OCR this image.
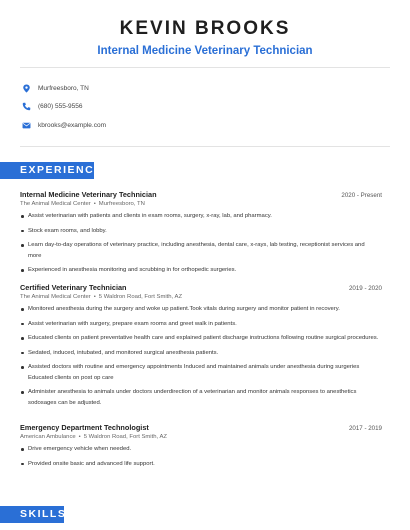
KEVIN BROOKS
Internal Medicine Veterinary Technician
Murfreesboro, TN
(680) 555-9556
kbrooks@example.com
EXPERIENCE
Internal Medicine Veterinary Technician	2020 - Present
The Animal Medical Center • Murfreesboro, TN
Assist veterinarian with patients and clients in exam rooms, surgery, x-ray, lab, and pharmacy.
Stock exam rooms, and lobby.
Learn day-to-day operations of veterinary practice, including anesthesia, dental care, x-rays, lab testing, receptionist services and
more
Experienced in anesthesia monitoring and scrubbing in for orthopedic surgeries.
Certified Veterinary Technician	2019 - 2020
The Animal Medical Center • 5 Waldron Road, Fort Smith, AZ
Monitored anesthesia during the surgery and woke up patient.Took vitals during surgery and monitor patient in recovery.
Assist veterinarian with surgery, prepare exam rooms and greet walk in patients.
Educated clients on patient preventative health care and explained patient discharge instructions following routine surgical procedures.
Sedated, induced, intubated, and monitored surgical anesthesia patients.
Assisted doctors with routine and emergency appointments Induced and maintained animals under anesthesia during surgeries Educated clients on post op care
Administer anesthesia to animals under doctors underdirection of a veterinarian and monitor animals responses to anesthetics sodosages can be adjusted.
Emergency Department Technologist	2017 - 2019
American Ambulance • 5 Waldron Road, Fort Smith, AZ
Drive emergency vehicle when needed.
Provided onsite basic and advanced life support.
SKILLS
